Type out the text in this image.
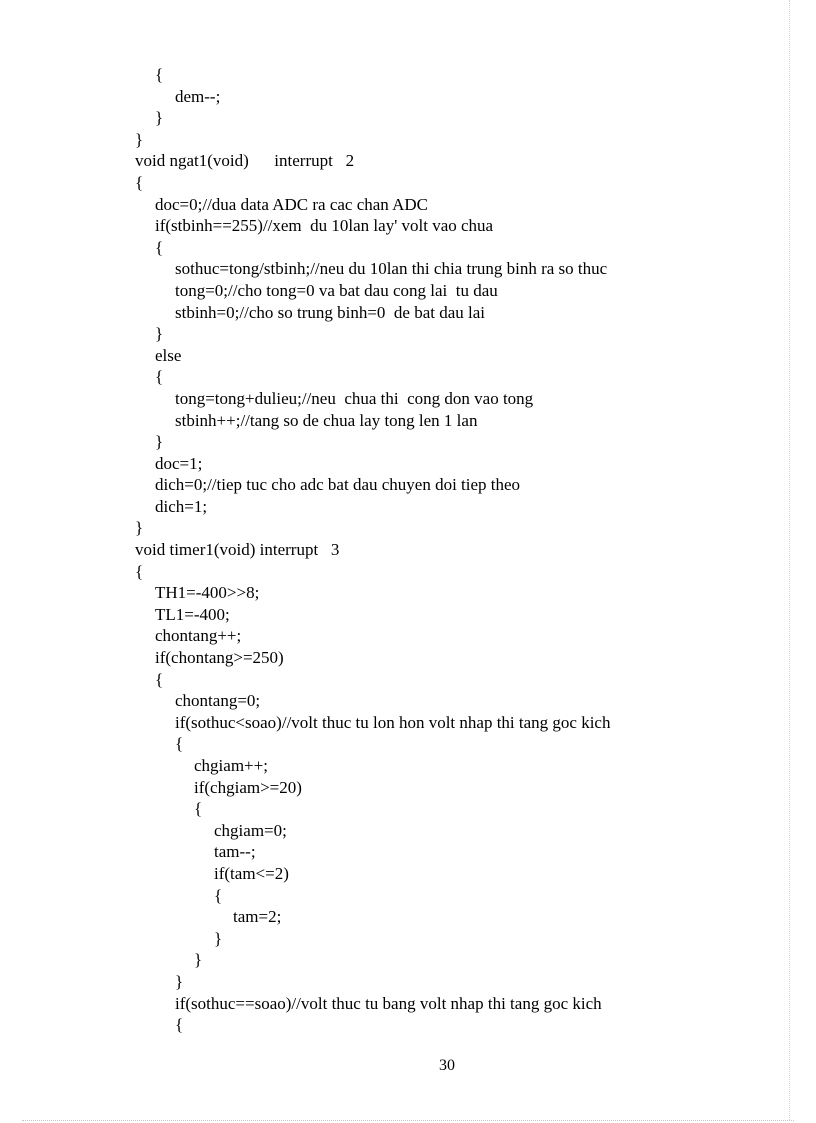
{
dem--;
}
}
void ngat1(void)      interrupt   2
{
doc=0;//dua data ADC ra cac chan ADC
if(stbinh==255)//xem  du 10lan lay' volt vao chua
{
sothuc=tong/stbinh;//neu du 10lan thi chia trung binh ra so thuc
tong=0;//cho tong=0 va bat dau cong lai  tu dau
stbinh=0;//cho so trung binh=0  de bat dau lai
}
else
{
tong=tong+dulieu;//neu  chua thi  cong don vao tong
stbinh++;//tang so de chua lay tong len 1 lan
}
doc=1;
dich=0;//tiep tuc cho adc bat dau chuyen doi tiep theo
dich=1;
}
void timer1(void) interrupt   3
{
TH1=-400>>8;
TL1=-400;
chontang++;
if(chontang>=250)
{
chontang=0;
if(sothuc<soao)//volt thuc tu lon hon volt nhap thi tang goc kich
{
chgiam++;
if(chgiam>=20)
{
chgiam=0;
tam--;
if(tam<=2)
{
tam=2;
}
}
}
if(sothuc==soao)//volt thuc tu bang volt nhap thi tang goc kich
{
30
